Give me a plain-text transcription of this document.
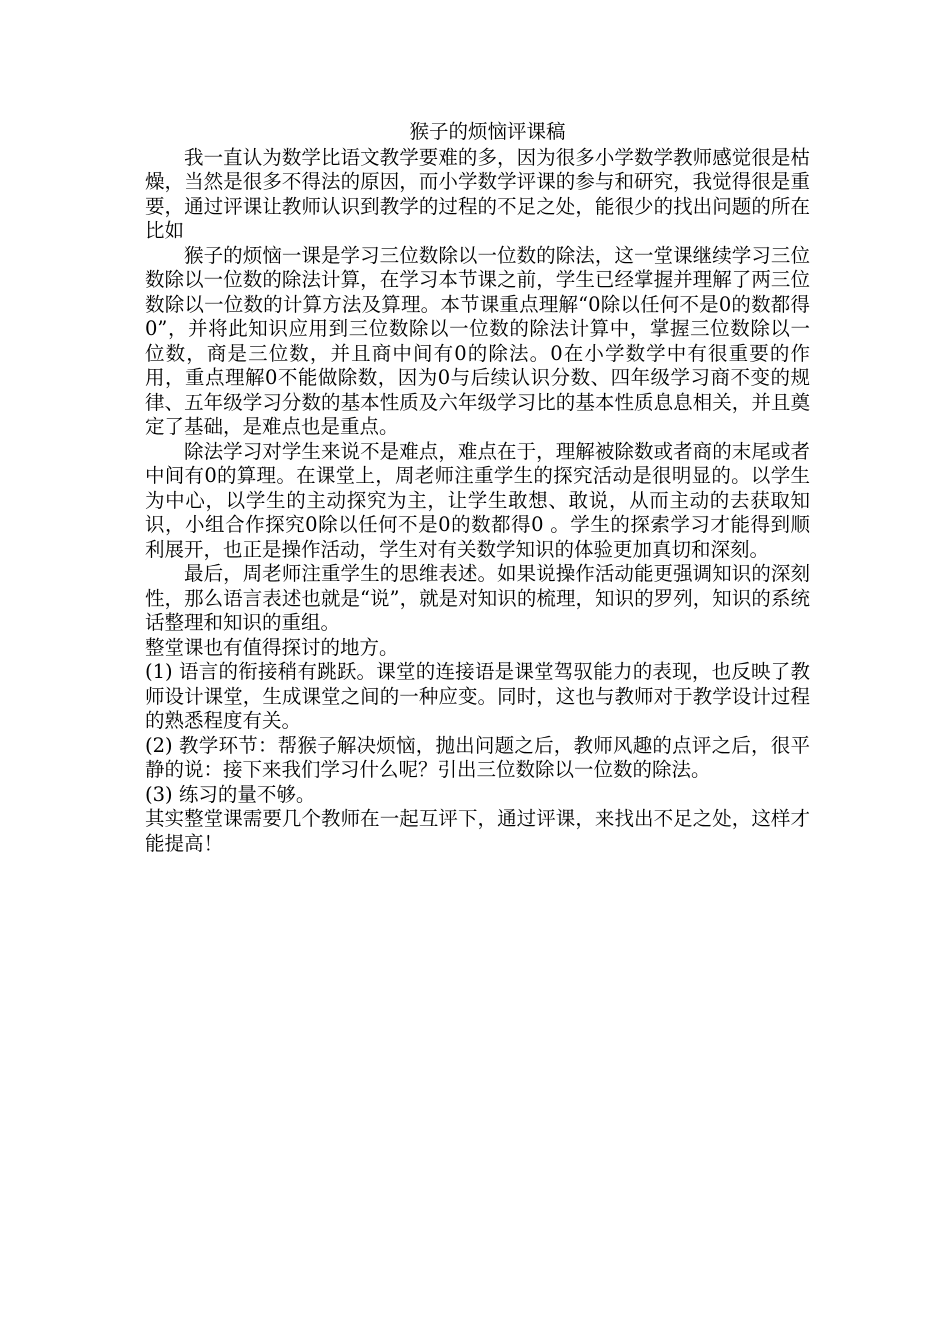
猴子的烦恼评课稿

我一直认为数学比语文教学要难的多，因为很多小学数学教师感觉很是枯燥，当然是很多不得法的原因，而小学数学评课的参与和研究，我觉得很是重要，通过评课让教师认识到教学的过程的不足之处，能很少的找出问题的所在比如

猴子的烦恼一课是学习三位数除以一位数的除法，这一堂课继续学习三位数除以一位数的除法计算，在学习本节课之前，学生已经掌握并理解了两三位数除以一位数的计算方法及算理。本节课重点理解“0除以任何不是0的数都得0”，并将此知识应用到三位数除以一位数的除法计算中，掌握三位数除以一位数，商是三位数，并且商中间有0的除法。0在小学数学中有很重要的作用，重点理解0不能做除数，因为0与后续认识分数、四年级学习商不变的规律、五年级学习分数的基本性质及六年级学习比的基本性质息息相关，并且奠定了基础，是难点也是重点。

除法学习对学生来说不是难点，难点在于，理解被除数或者商的末尾或者中间有0的算理。在课堂上，周老师注重学生的探究活动是很明显的。以学生为中心，以学生的主动探究为主，让学生敢想、敢说，从而主动的去获取知识，小组合作探究0除以任何不是0的数都得0 。学生的探索学习才能得到顺利展开，也正是操作活动，学生对有关数学知识的体验更加真切和深刻。

最后，周老师注重学生的思维表述。如果说操作活动能更强调知识的深刻性，那么语言表述也就是“说”，就是对知识的梳理，知识的罗列，知识的系统话整理和知识的重组。

整堂课也有值得探讨的地方。

(1) 语言的衔接稍有跳跃。课堂的连接语是课堂驾驭能力的表现，也反映了教师设计课堂，生成课堂之间的一种应变。同时，这也与教师对于教学设计过程的熟悉程度有关。

(2) 教学环节：帮猴子解决烦恼，抛出问题之后，教师风趣的点评之后，很平静的说：接下来我们学习什么呢？引出三位数除以一位数的除法。

(3) 练习的量不够。

其实整堂课需要几个教师在一起互评下，通过评课，来找出不足之处，这样才能提高！
